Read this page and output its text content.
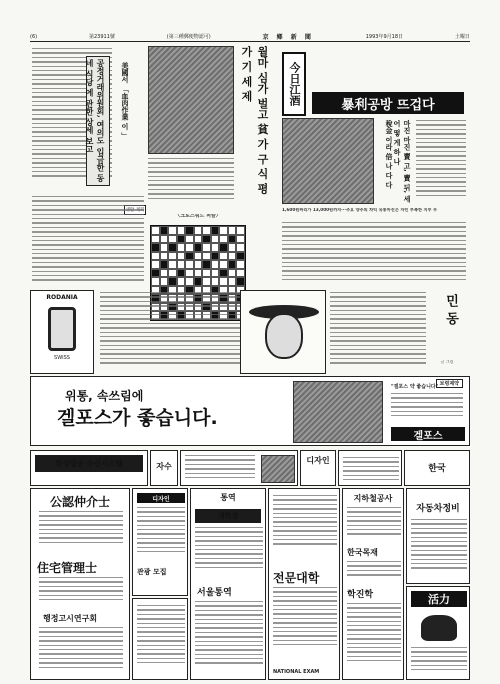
(6)	第23911號	(第三種郵便物認可)	京 鄕 新 聞	1993年9月18日	土曜日
공정거래위원회, 여의도 입금한 동네 식당 에 관한 상세 보고	美國서 「血肉作業 이 」	월마 심가 벌고 貧 가 구 식 평 가 기 세 제
〈크로스워드 퍼즐〉
今日江酒	暴利공방 뜨겁다
마진 마진 賣 고, 賣 뒤, 세 어 떻 게 하 나
稅金 이라 倍 나 다 다
1,600원짜리가 13,000원까지···주요 양주의 차익 유통마진은 자인 부족한 지부 무
RODANIA
SWISS
민 동
글 그림
위통, 속쓰림에
겔포스가 좋습니다.
"겔포스 약 좋습니다" 보령제약
겔포스
위성방송 수신시스템	자수
디자인
한국
公認仲介士
住宅管理士
행정고시연구회
디자인
관광 모집
통역
재학생
서울통역
전문대학
NATIONAL EXAM
지하철공사
한국목재
학진학
자동차정비
活力
